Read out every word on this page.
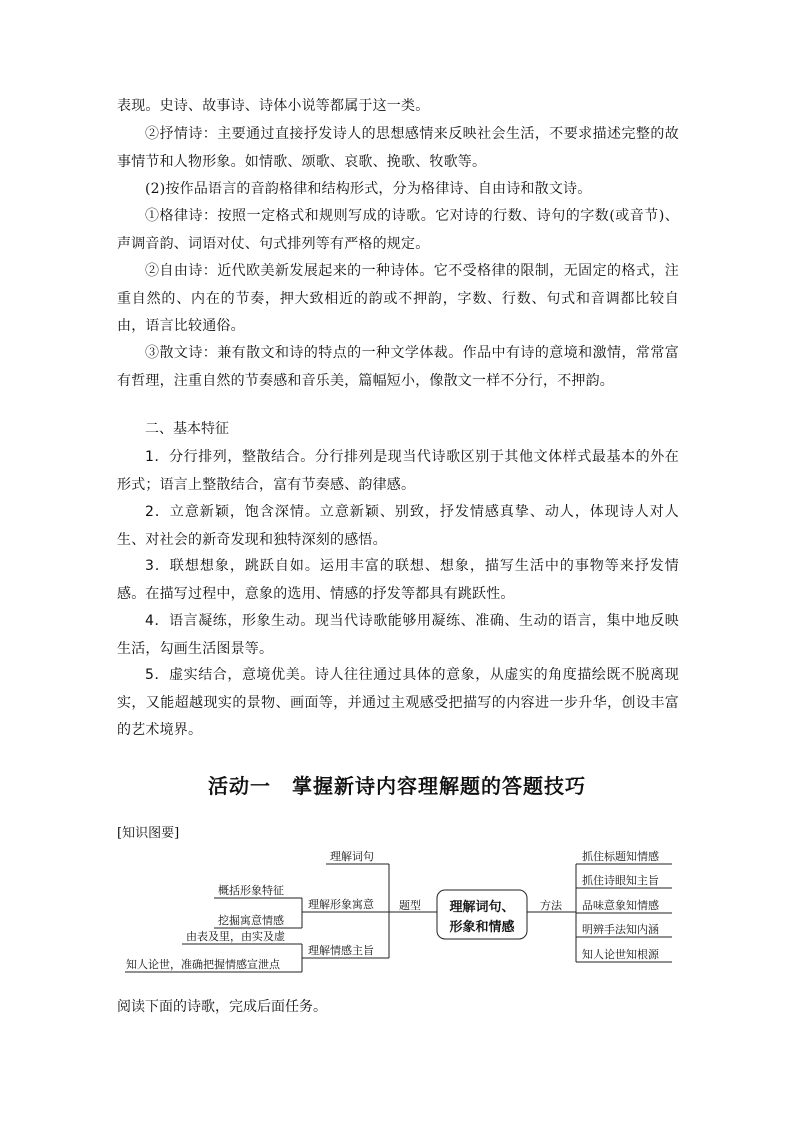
表现。史诗、故事诗、诗体小说等都属于这一类。
②抒情诗：主要通过直接抒发诗人的思想感情来反映社会生活，不要求描述完整的故事情节和人物形象。如情歌、颂歌、哀歌、挽歌、牧歌等。
(2)按作品语言的音韵格律和结构形式，分为格律诗、自由诗和散文诗。
①格律诗：按照一定格式和规则写成的诗歌。它对诗的行数、诗句的字数(或音节)、声调音韵、词语对仗、句式排列等有严格的规定。
②自由诗：近代欧美新发展起来的一种诗体。它不受格律的限制，无固定的格式，注重自然的、内在的节奏，押大致相近的韵或不押韵，字数、行数、句式和音调都比较自由，语言比较通俗。
③散文诗：兼有散文和诗的特点的一种文学体裁。作品中有诗的意境和激情，常常富有哲理，注重自然的节奏感和音乐美，篇幅短小，像散文一样不分行，不押韵。
二、基本特征
1．分行排列，整散结合。分行排列是现当代诗歌区别于其他文体样式最基本的外在形式；语言上整散结合，富有节奏感、韵律感。
2．立意新颖，饱含深情。立意新颖、别致，抒发情感真挚、动人，体现诗人对人生、对社会的新奇发现和独特深刻的感悟。
3．联想想象，跳跃自如。运用丰富的联想、想象，描写生活中的事物等来抒发情感。在描写过程中，意象的选用、情感的抒发等都具有跳跃性。
4．语言凝练，形象生动。现当代诗歌能够用凝练、准确、生动的语言，集中地反映生活，勾画生活图景等。
5．虚实结合，意境优美。诗人往往通过具体的意象，从虚实的角度描绘既不脱离现实，又能超越现实的景物、画面等，并通过主观感受把描写的内容进一步升华，创设丰富的艺术境界。
活动一　掌握新诗内容理解题的答题技巧
[知识图要]
理解词句
理解形象寓意
理解情感主旨
概括形象特征
挖掘寓意情感
由表及里，由实及虚
知人论世，准确把握情感宣泄点
题型	方法
抓住标题知情感
抓住诗眼知主旨
品味意象知情感
明辨手法知内涵
知人论世知根源
理解词句、
形象和情感
阅读下面的诗歌，完成后面任务。
